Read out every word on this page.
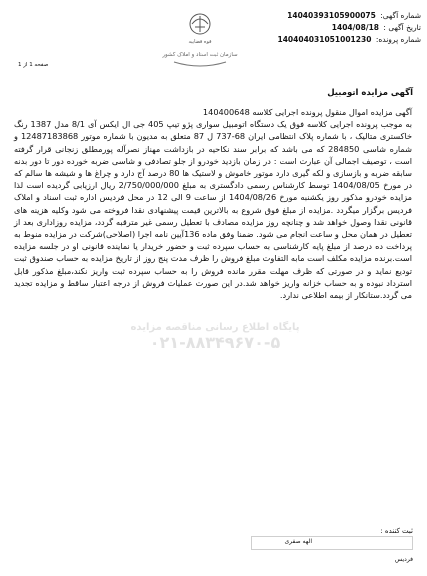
شماره آگهی: 14040393105900075
تاریخ آگهی : 1404/08/18
شماره پرونده: 140404031051001230
قوه قضاییه
سازمان ثبت اسناد و املاک کشور
صفحه 1 از 1
آگهی مزایده اتومبیل

آگهی مزایده اموال منقول پرونده اجرایی کلاسه 140400648

به موجب پرونده اجرایی کلاسه فوق یک دستگاه اتومبیل سواری پژو تیپ 405 جی ال ایکس آی 8/1 مدل 1387 رنگ خاکستری متالیک ، با شماره پلاک انتظامی ایران 68-737 ل 87 متعلق به مدیون با شماره موتور 12487183868 و شماره شاسی 284850 که می باشد که برابر سند نکاحیه در بازداشت مهناز نصرآله پورمطلق زنجانی قرار گرفته است ، توصیف اجمالی آن عبارت است : در زمان بازدید خودرو از جلو تصادفی و شاسی ضربه خورده دور تا دور بدنه سابقه ضربه و بازسازی و لکه گیری دارد موتور خاموش و لاستیک ها 80 درصد آج دارد و چراغ ها و شیشه ها سالم که در مورخ 1404/08/05 توسط کارشناس رسمی دادگستری به مبلغ 2/750/000/000 ریال ارزیابی گردیده است لذا مزایده خودرو مذکور روز یکشنبه مورخ 1404/08/26 از ساعت 9 الی 12 در محل فردیس اداره ثبت اسناد و املاک فردیس برگزار میگردد .مزایده از مبلغ فوق شروع به بالاترین قیمت پیشنهادی نقدا فروخته می شود وکلیه هزینه های قانونی نقدا وصول خواهد شد و چنانچه روز مزایده مصادف با تعطیل رسمی غیر مترقبه گردد، مزایده روزاداری بعد از تعطیل در همان محل و ساعت انجام می شود. ضمنا وفق ماده 136آیین نامه اجرا (اصلاحی)شرکت در مزایده منوط به پرداخت ده درصد از مبلغ پایه کارشناسی به حساب سپرده ثبت و حضور خریدار یا نماینده قانونی او در جلسه مزایده است.برنده مزایده مکلف است مابه التفاوت مبلغ فروش را ظرف مدت پنج روز از تاریخ مزایده به حساب صندوق ثبت تودیع نماید و در صورتی که ظرف مهلت مقرر مانده فروش را به حساب سپرده ثبت واریز نکند،مبلغ مذکور قابل استرداد نبوده و به حساب خزانه واریز خواهد شد.در این صورت عملیات فروش از درجه اعتبار ساقط و مزایده تجدید می گردد.ستانکار از بیمه اطلاعی ندارد.

پایگاه اطلاع رسانی مناقصه مزایده
۰۲۱-۸۸۳۴۹۶۷۰-۵
ثبت کننده :
الهه صفری
فردیس
